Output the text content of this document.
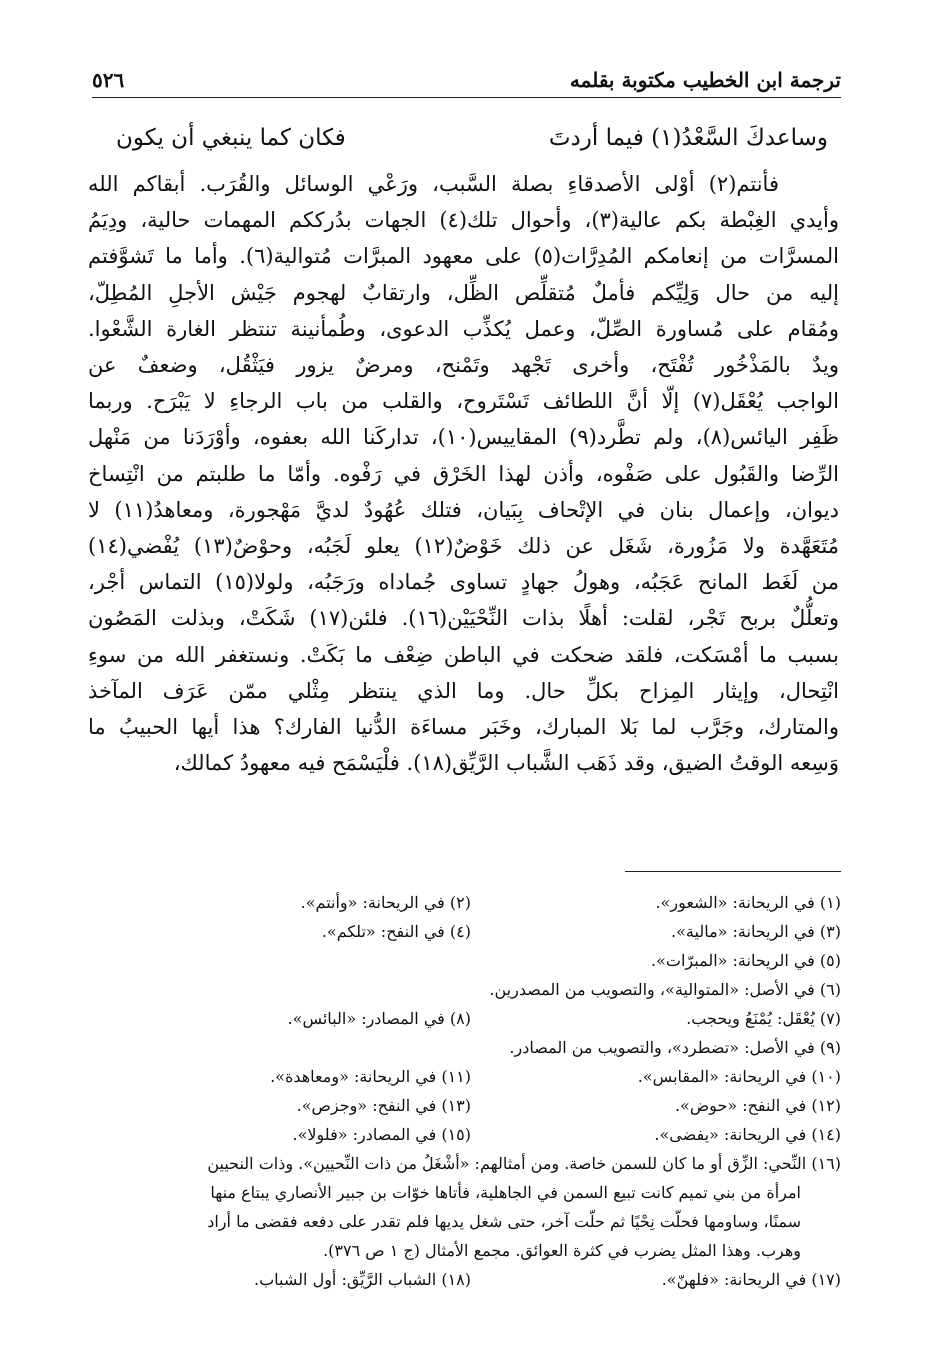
ترجمة ابن الخطيب مكتوبة بقلمه
٥٢٦
وساعدكَ السَّعْدُ(١) فيما أردتَ
فكان كما ينبغي أن يكون
فأنتم(٢) أوْلى الأصدقاءِ بصلة السَّبب، ورَعْي الوسائل والقُرَب. أبقاكم الله
وأيدي الغِبْطة بكم عالية(٣)، وأحوال تلك(٤) الجهات بدُرككم المهمات حالية، ودِيَمُ
المسرَّات من إنعامكم المُدِرَّات(٥) على معهود المبرَّات مُتوالية(٦). وأما ما تَشوَّفتم
إليه من حال وَلِيِّكم فأملٌ مُتقلِّص الظِّل، وارتقابٌ لهجوم جَيْش الأجلِ المُطِلّ،
ومُقام على مُساورة الصِّلّ، وعمل يُكذِّب الدعوى، وطُمأنينة تنتظر الغارة الشَّعْوا.
ويدٌ بالمَذْخُور تُفْتَح، وأخرى تَجْهد وتَمْنح، ومرضٌ يزور فيَثْقُل، وضعفٌ عن
الواجب يُعْقَل(٧) إلّا أنَّ اللطائف تَسْتَروح، والقلب من باب الرجاءِ لا يَبْرَح. وربما
ظَفِر اليائس(٨)، ولم تطَّرد(٩) المقاييس(١٠)، تداركَنا الله بعفوه، وأوْرَدَنا من مَنْهل
الرِّضا والقَبُول على صَفْوه، وأذن لهذا الخَرْق في رَفْوه. وأمّا ما طلبتم من انْتِساخ
ديوان، وإعمال بنان في الإتْحاف بِبَيان، فتلك عُهُودٌ لديَّ مَهْجورة، ومعاهدُ(١١) لا
مُتَعَهَّدة ولا مَزُورة، شَغَل عن ذلك خَوْضٌ(١٢) يعلو لَجَبُه، وحوْضٌ(١٣) يُفْضي(١٤)
من لَغَط المانح عَجَبُه، وهولُ جهادٍ تساوى جُماداه ورَجَبُه، ولولا(١٥) التماس أجْر،
وتعلُّلٌ بربح تَجْر، لقلت: أهلًا بذات النِّحْيَيْن(١٦). فلئن(١٧) شَكَتْ، وبذلت المَصُون
بسبب ما أمْسَكت، فلقد ضحكت في الباطن ضِعْف ما بَكَتْ. ونستغفر الله من سوءِ
انْتِحال، وإيثار المِزاح بكلِّ حال. وما الذي ينتظر مِثْلي ممّن عَرَف المآخذ
والمتارك، وجَرَّب لما بَلا المبارك، وخَبَر مساءَة الدُّنيا الفارك؟ هذا أيها الحبيبُ ما
وَسِعه الوقتُ الضيق، وقد ذَهَب الشَّباب الرَّيِّق(١٨). فلْيَسْمَح فيه معهودُ كمالك،
(١) في الريحانة: «الشعور».
(٢) في الريحانة: «وأنتم».
(٣) في الريحانة: «مالية».
(٤) في النفح: «تلكم».
(٥) في الريحانة: «المبرّات».
(٦) في الأصل: «المتوالية»، والتصويب من المصدرين.
(٧) يُعْقَل: يُمْنَعُ ويحجب.
(٨) في المصادر: «البائس».
(٩) في الأصل: «تضطرد»، والتصويب من المصادر.
(١٠) في الريحانة: «المقابس».
(١١) في الريحانة: «ومعاهدة».
(١٢) في النفح: «حوض».
(١٣) في النفح: «وجزص».
(١٤) في الريحانة: «يفضى».
(١٥) في المصادر: «فلولا».
(١٦) النِّحي: الزِّق أو ما كان للسمن خاصة. ومن أمثالهم: «أشْغَلُ من ذات النِّحيين». وذات النحيين
امرأة من بني تميم كانت تبيع السمن في الجاهلية، فأتاها خوّات بن جبير الأنصاري يبتاع منها
سمنًا، وساومها فحلّت نِحْيًا ثم حلّت آخر، حتى شغل يديها فلم تقدر على دفعه فقضى ما أراد
وهرب. وهذا المثل يضرب في كثرة العوائق. مجمع الأمثال (ج ١ ص ٣٧٦).
(١٧) في الريحانة: «فلهنّ».
(١٨) الشباب الرَّيِّق: أول الشباب.
